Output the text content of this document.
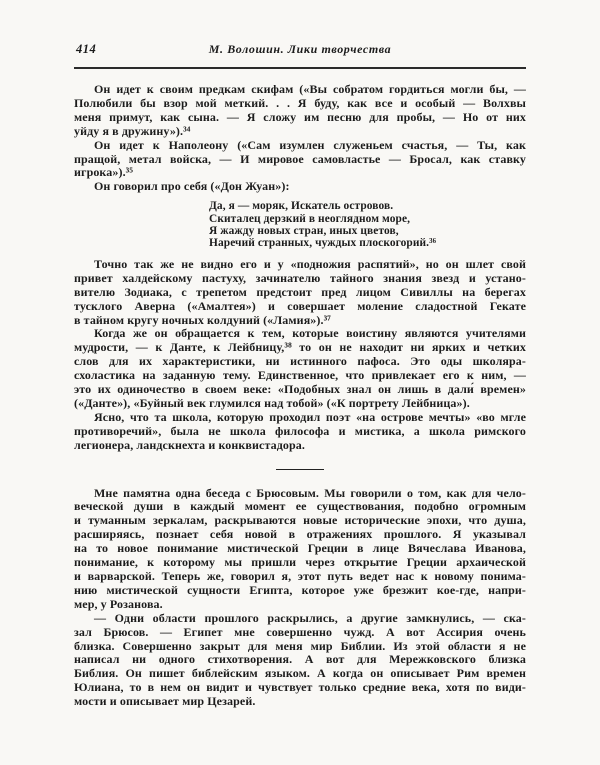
414	М. Волошин. Лики творчества
Он идет к своим предкам скифам («Вы собратом гордиться могли бы, —
Полюбили бы взор мой меткий. . . Я буду, как все и особый — Волхвы
меня примут, как сына. — Я сложу им песню для пробы, — Но от них
уйду я в дружину»).³⁴
Он идет к Наполеону («Сам изумлен служеньем счастья, — Ты, как
пращой, метал войска, — И мировое самовластье — Бросал, как ставку
игрока»).³⁵
Он говорил про себя («Дон Жуан»):
Да, я — моряк, Искатель островов.
Скиталец дерзкий в неоглядном море,
Я жажду новых стран, иных цветов,
Наречий странных, чуждых плоскогорий.³⁶
Точно так же не видно его и у «подножия распятий», но он шлет свой
привет халдейскому пастуху, зачинателю тайного знания звезд и устано-
вителю Зодиака, с трепетом предстоит пред лицом Сивиллы на берегах
тусклого Аверна («Амалтея») и совершает моление сладостной Гекате
в тайном кругу ночных колдуний («Ламия»).³⁷
Когда же он обращается к тем, которые воистину являются учителями
мудрости, — к Данте, к Лейбницу,³⁸ то он не находит ни ярких и четких
слов для их характеристики, ни истинного пафоса. Это оды школяра-
схоластика на заданную тему. Единственное, что привлекает его к ним, —
это их одиночество в своем веке: «Подобных знал он лишь в дали́ времен»
(«Данте»), «Буйный век глумился над тобой» («К портрету Лейбница»).
Ясно, что та школа, которую проходил поэт «на острове мечты» «во мгле
противоречий», была не школа философа и мистика, а школа римского
легионера, ландскнехта и конквистадора.
Мне памятна одна беседа с Брюсовым. Мы говорили о том, как для чело-
веческой души в каждый момент ее существования, подобно огромным
и туманным зеркалам, раскрываются новые исторические эпохи, что душа,
расширяясь, познает себя новой в отражениях прошлого. Я указывал
на то новое понимание мистической Греции в лице Вячеслава Иванова,
понимание, к которому мы пришли через открытие Греции архаической
и варварской. Теперь же, говорил я, этот путь ведет нас к новому понима-
нию мистической сущности Египта, которое уже брезжит кое-где, напри-
мер, у Розанова.
— Одни области прошлого раскрылись, а другие замкнулись, — ска-
зал Брюсов. — Египет мне совершенно чужд. А вот Ассирия очень
близка. Совершенно закрыт для меня мир Библии. Из этой области я не
написал ни одного стихотворения. А вот для Мережковского близка
Библия. Он пишет библейским языком. А когда он описывает Рим времен
Юлиана, то в нем он видит и чувствует только средние века, хотя по види-
мости и описывает мир Цезарей.
